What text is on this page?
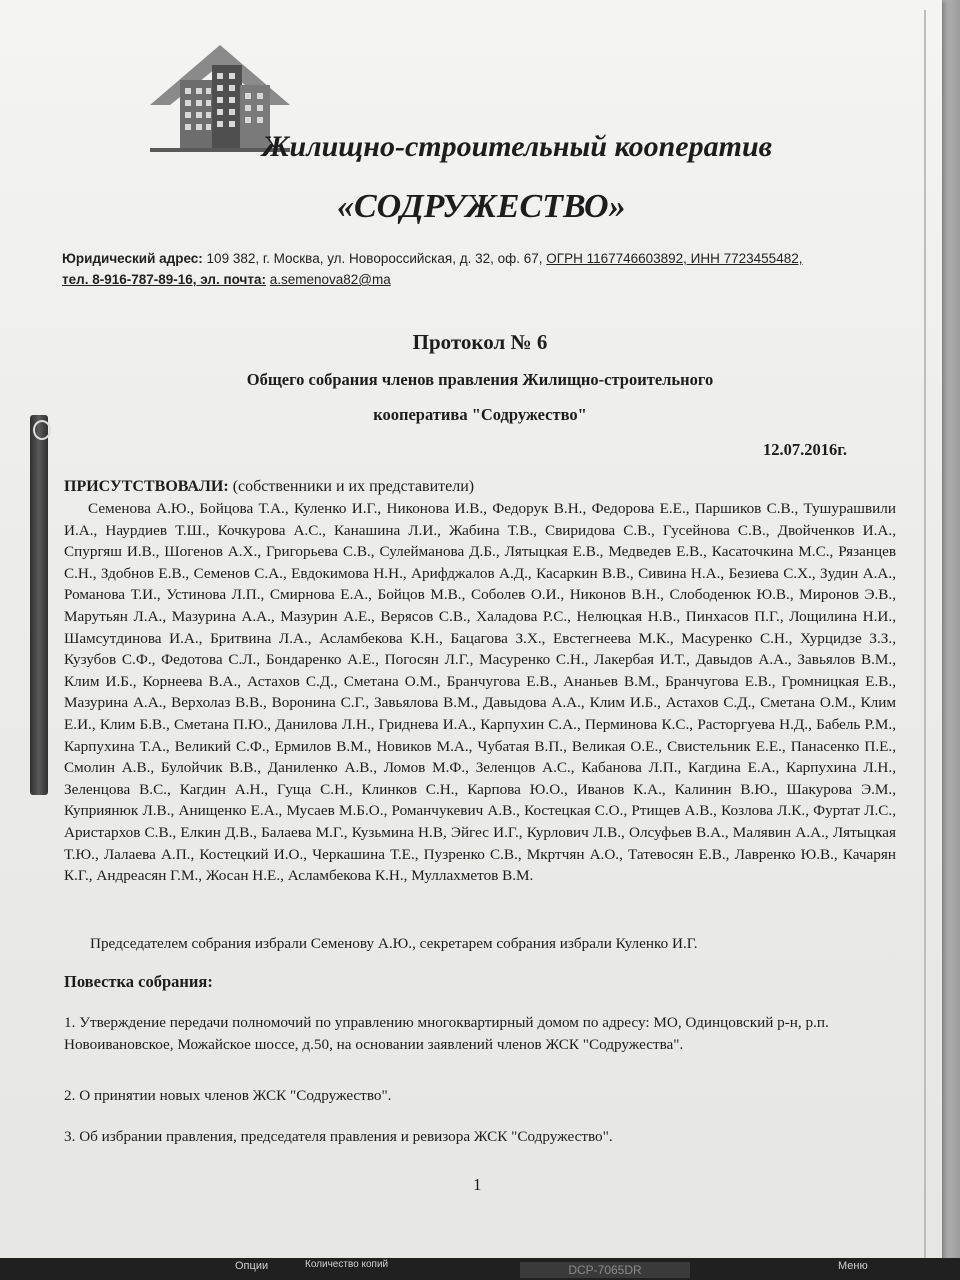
Жилищно-строительный кооператив
«СОДРУЖЕСТВО»
Юридический адрес: 109 382, г. Москва, ул. Новороссийская, д. 32, оф. 67, ОГРН 1167746603892, ИНН 7723455482,
тел. 8-916-787-89-16, эл. почта: a.semenova82@ma
Протокол № 6
Общего собрания членов правления Жилищно-строительного
кооператива "Содружество"
12.07.2016г.
ПРИСУТСТВОВАЛИ: (собственники и их представители)
Семенова А.Ю., Бойцова Т.А., Куленко И.Г., Никонова И.В., Федорук В.Н., Федорова Е.Е., Паршиков С.В., Тушурашвили И.А., Наурдиев Т.Ш., Кочкурова А.С., Канашина Л.И., Жабина Т.В., Свиридова С.В., Гусейнова С.В., Двойченков И.А., Спургяш И.В., Шогенов А.Х., Григорьева С.В., Сулейманова Д.Б., Лятыцкая Е.В., Медведев Е.В., Касаточкина М.С., Рязанцев С.Н., Здобнов Е.В., Семенов С.А., Евдокимова Н.Н., Арифджалов А.Д., Касаркин В.В., Сивина Н.А., Безиева С.Х., Зудин А.А., Романова Т.И., Устинова Л.П., Смирнова Е.А., Бойцов М.В., Соболев О.И., Никонов В.Н., Слободенюк Ю.В., Миронов Э.В., Марутьян Л.А., Мазурина А.А., Мазурин А.Е., Верясов С.В., Халадова Р.С., Нелюцкая Н.В., Пинхасов П.Г., Лощилина Н.И., Шамсутдинова И.А., Бритвина Л.А., Асламбекова К.Н., Бацагова З.Х., Евстегнеева М.К., Масуренко С.Н., Хурцидзе З.З., Кузубов С.Ф., Федотова С.Л., Бондаренко А.Е., Погосян Л.Г., Масуренко С.Н., Лакербая И.Т., Давыдов А.А., Завьялов В.М., Клим И.Б., Корнеева В.А., Астахов С.Д., Сметана О.М., Бранчугова Е.В., Ананьев В.М., Бранчугова Е.В., Громницкая Е.В., Мазурина А.А., Верхолаз В.В., Воронина С.Г., Завьялова В.М., Давыдова А.А., Клим И.Б., Астахов С.Д., Сметана О.М., Клим Е.И., Клим Б.В., Сметана П.Ю., Данилова Л.Н., Гриднева И.А., Карпухин С.А., Перминова К.С., Расторгуева Н.Д., Бабель Р.М., Карпухина Т.А., Великий С.Ф., Ермилов В.М., Новиков М.А., Чубатая В.П., Великая О.Е., Свистельник Е.Е., Панасенко П.Е., Смолин А.В., Булойчик В.В., Даниленко А.В., Ломов М.Ф., Зеленцов А.С., Кабанова Л.П., Кагдина Е.А., Карпухина Л.Н., Зеленцова В.С., Кагдин А.Н., Гуща С.Н., Клинков С.Н., Карпова Ю.О., Иванов К.А., Калинин В.Ю., Шакурова Э.М., Куприянюк Л.В., Анищенко Е.А., Мусаев М.Б.О., Романчукевич А.В., Костецкая С.О., Ртищев А.В., Козлова Л.К., Фуртат Л.С., Аристархов С.В., Елкин Д.В., Балаева М.Г., Кузьмина Н.В, Эйгес И.Г., Курлович Л.В., Олсуфьев В.А., Малявин А.А., Лятыцкая Т.Ю., Лалаева А.П., Костецкий И.О., Черкашина Т.Е., Пузренко С.В., Мкртчян А.О., Татевосян Е.В., Лавренко Ю.В., Качарян К.Г., Андреасян Г.М., Жосан Н.Е., Асламбекова К.Н., Муллахметов В.М.
Председателем собрания избрали Семенову А.Ю., секретарем собрания избрали Куленко И.Г.
Повестка собрания:
1. Утверждение передачи полномочий по управлению многоквартирный домом по адресу: МО, Одинцовский р-н, р.п. Новоивановское, Можайское шоссе, д.50, на основании заявлений членов ЖСК "Содружества".
2. О принятии новых членов ЖСК "Содружество".
3. Об избрании правления, председателя правления и ревизора ЖСК "Содружество".
1
Опции	Количество копий	DCP-7065DR	Меню
